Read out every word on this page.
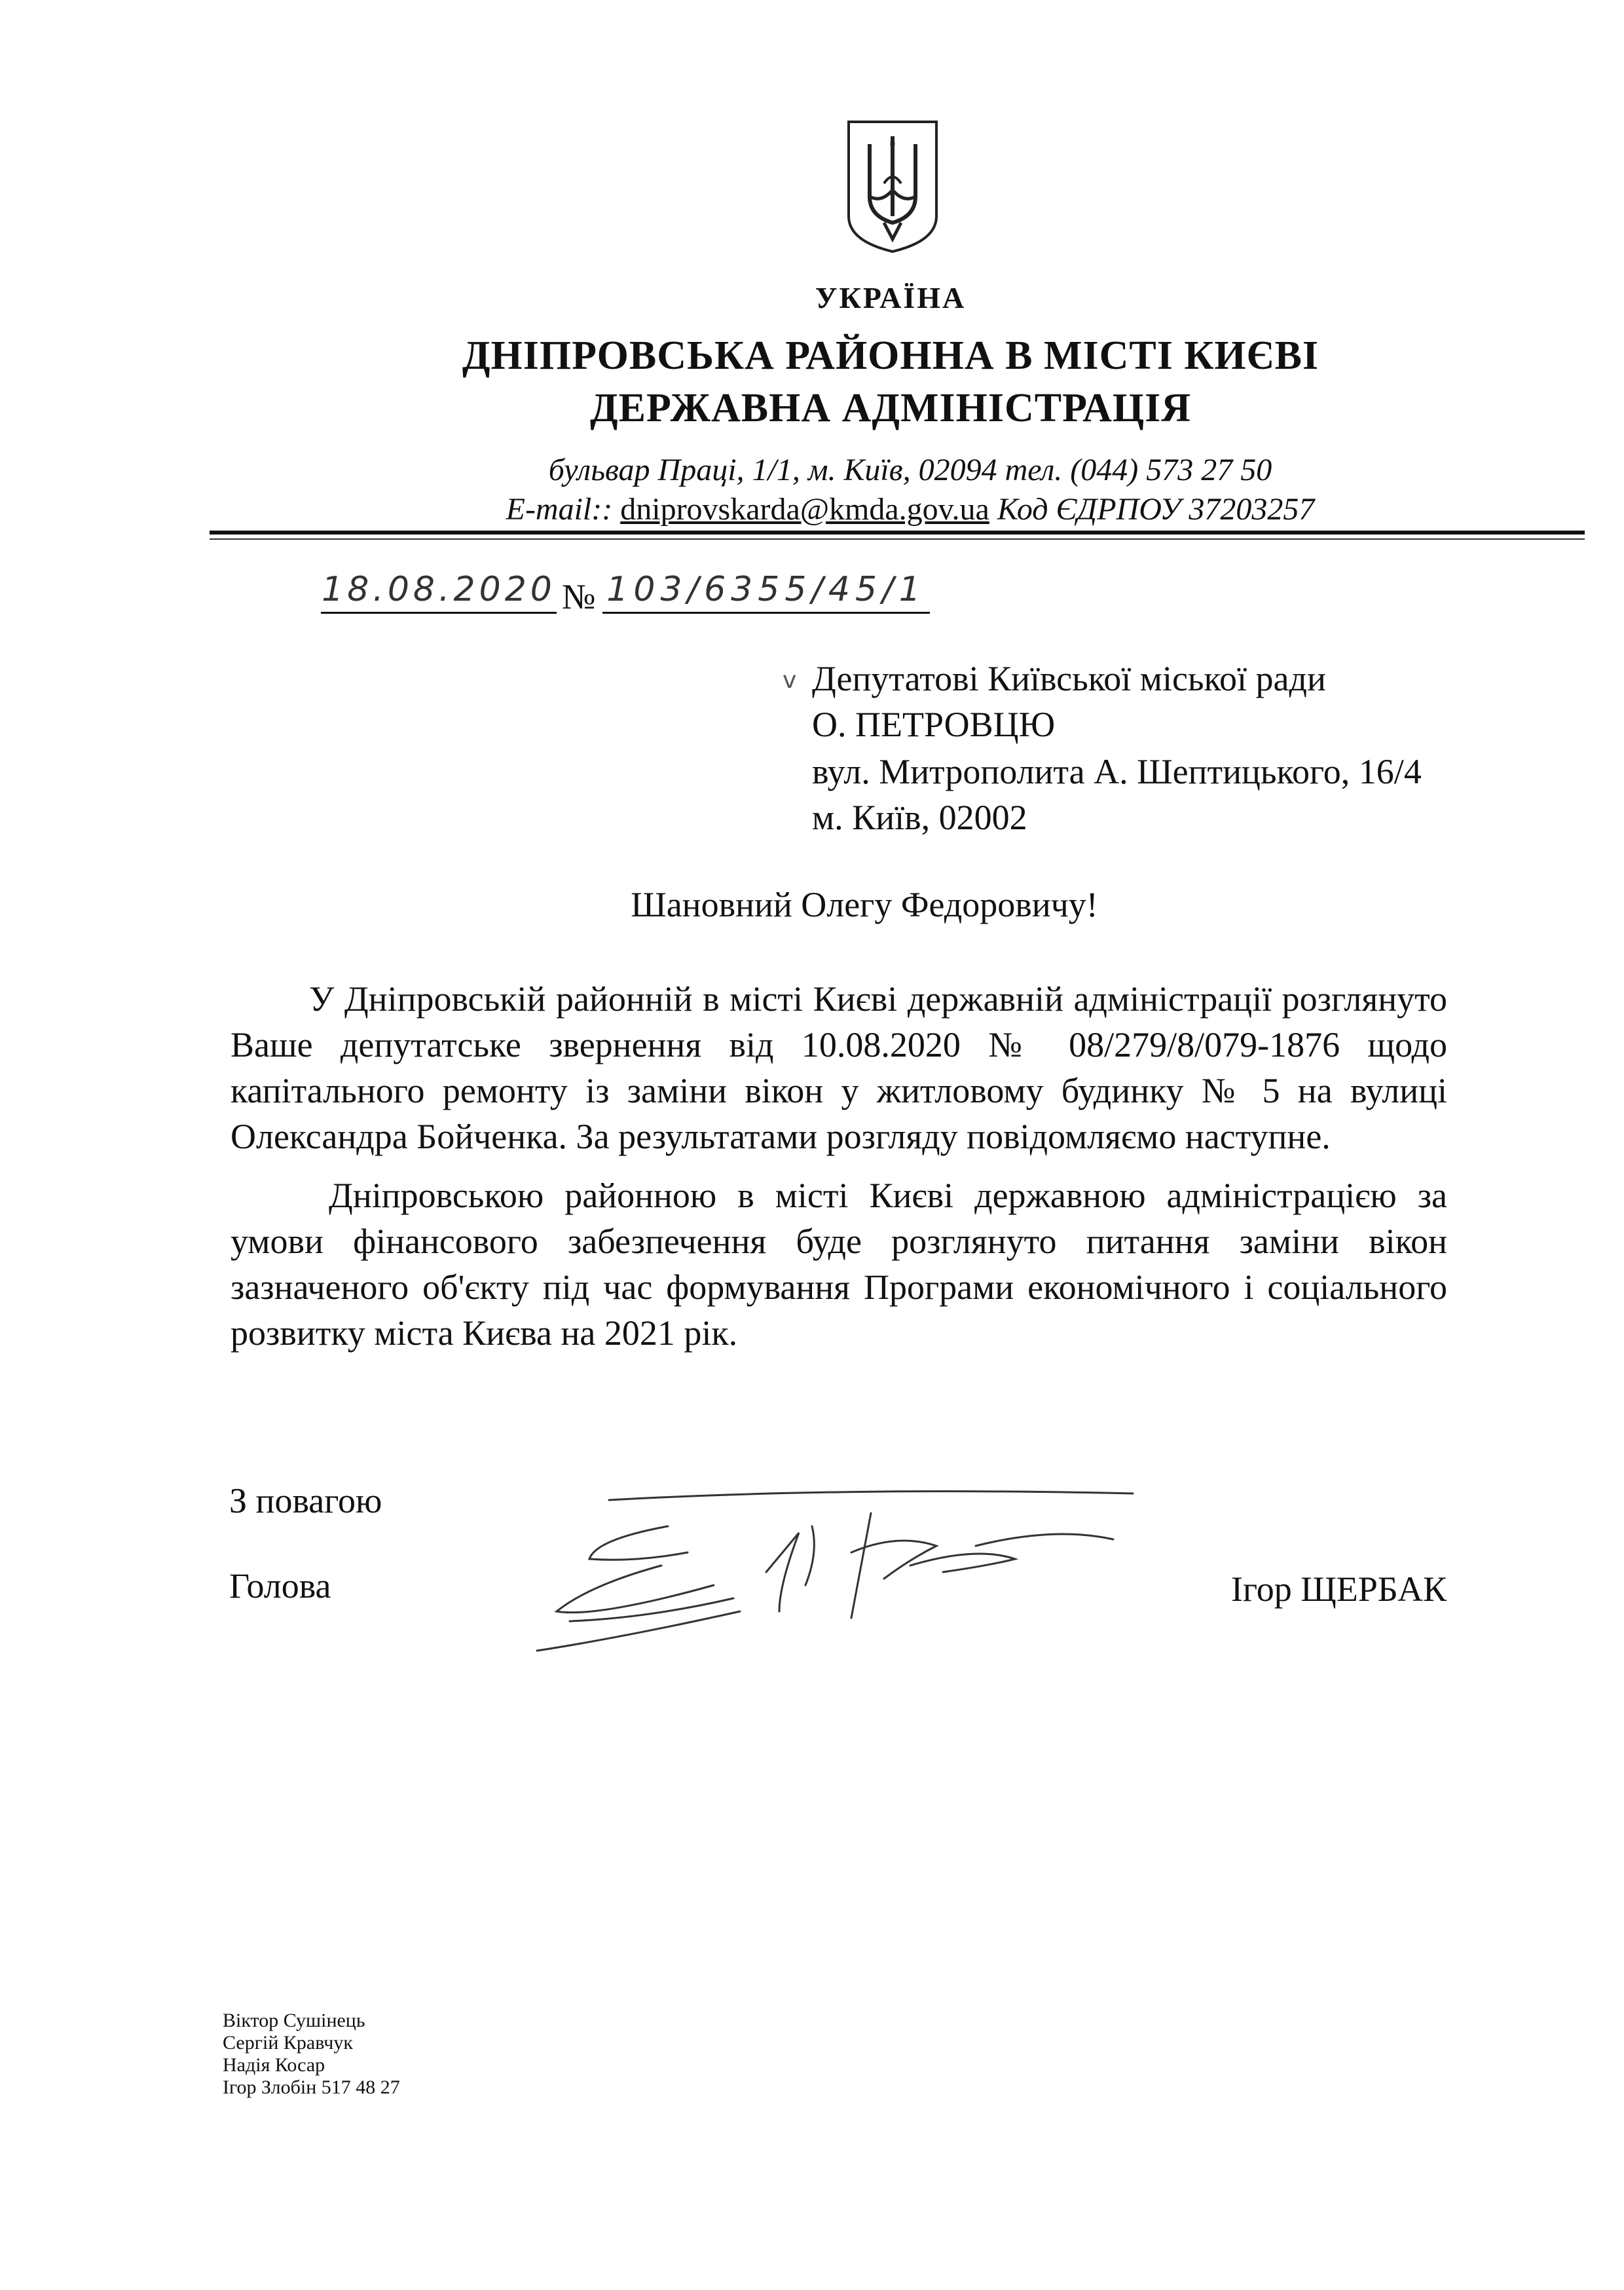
УКРАЇНА
ДНІПРОВСЬКА РАЙОННА В МІСТІ КИЄВІ
ДЕРЖАВНА АДМІНІСТРАЦІЯ
бульвар Праці, 1/1, м. Київ, 02094 тел. (044) 573 27 50
E-mail:: dniprovskarda@kmda.gov.ua Код ЄДРПОУ 37203257
18.08.2020 № 103/6355/45/1
v Депутатові Київської міської ради
О. ПЕТРОВЦЮ
вул. Митрополита А. Шептицького, 16/4
м. Київ, 02002
Шановний Олегу Федоровичу!
У Дніпровській районній в місті Києві державній адміністрації розглянуто Ваше депутатське звернення від 10.08.2020 № 08/279/8/079-1876 щодо капітального ремонту із заміни вікон у житловому будинку № 5 на вулиці Олександра Бойченка. За результатами розгляду повідомляємо наступне.
Дніпровською районною в місті Києві державною адміністрацією за умови фінансового забезпечення буде розглянуто питання заміни вікон зазначеного об'єкту під час формування Програми економічного і соціального розвитку міста Києва на 2021 рік.
З повагою
Голова	Ігор ЩЕРБАК
Віктор Сушінець
Сергій Кравчук
Надія Косар
Ігор Злобін 517 48 27
